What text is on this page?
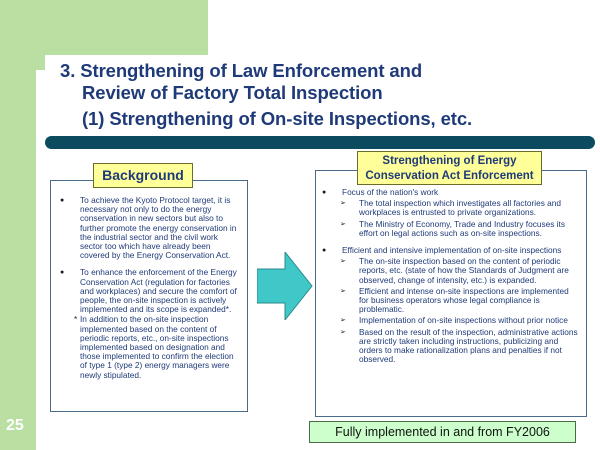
3. Strengthening of Law Enforcement and
Review of Factory Total Inspection
(1) Strengthening of On-site Inspections, etc.
25
Background
● To achieve the Kyoto Protocol target, it is necessary not only to do the energy conservation in new sectors but also to further promote the energy conservation in the industrial sector and the civil work sector too which have already been covered by the Energy Conservation Act.
● To enhance the enforcement of the Energy Conservation Act (regulation for factories and workplaces) and secure the comfort of people, the on-site inspection is actively implemented and its scope is expanded*.
* In addition to the on-site inspection implemented based on the content of periodic reports, etc., on-site inspections implemented based on designation and those implemented to confirm the election of type 1 (type 2) energy managers were newly stipulated.
Strengthening of Energy
Conservation Act Enforcement
● Focus of the nation's work
➢ The total inspection which investigates all factories and workplaces is entrusted to private organizations.
➢ The Ministry of Economy, Trade and Industry focuses its effort on legal actions such as on-site inspections.
● Efficient and intensive implementation of on-site inspections
➢ The on-site inspection based on the content of periodic reports, etc. (state of how the Standards of Judgment are observed, change of intensity, etc.) is expanded.
➢ Efficient and intense on-site inspections are implemented for business operators whose legal compliance is problematic.
➢ Implementation of on-site inspections without prior notice
➢ Based on the result of the inspection, administrative actions are strictly taken including instructions, publicizing and orders to make rationalization plans and penalties if not observed.
Fully implemented in and from FY2006
